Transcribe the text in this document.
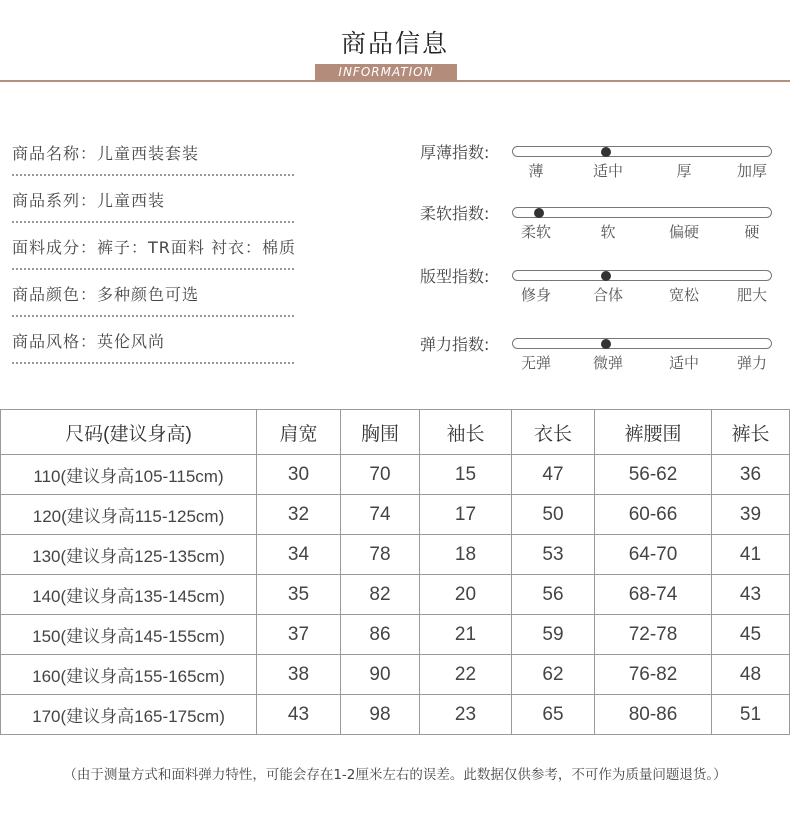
商品信息
INFORMATION
商品名称：儿童西装套装
商品系列：儿童西装
面料成分：裤子：TR面料 衬衣：棉质
商品颜色：多种颜色可选
商品风格：英伦风尚
厚薄指数:
薄	适中	厚	加厚
柔软指数:
柔软	软	偏硬	硬
版型指数:
修身	合体	宽松	肥大
弹力指数:
无弹	微弹	适中	弹力
尺码(建议身高)	肩宽	胸围	袖长	衣长	裤腰围	裤长
110(建议身高105-115cm)	30	70	15	47	56-62	36
120(建议身高115-125cm)	32	74	17	50	60-66	39
130(建议身高125-135cm)	34	78	18	53	64-70	41
140(建议身高135-145cm)	35	82	20	56	68-74	43
150(建议身高145-155cm)	37	86	21	59	72-78	45
160(建议身高155-165cm)	38	90	22	62	76-82	48
170(建议身高165-175cm)	43	98	23	65	80-86	51
（由于测量方式和面料弹力特性，可能会存在1-2厘米左右的误差。此数据仅供参考，不可作为质量问题退货。）
